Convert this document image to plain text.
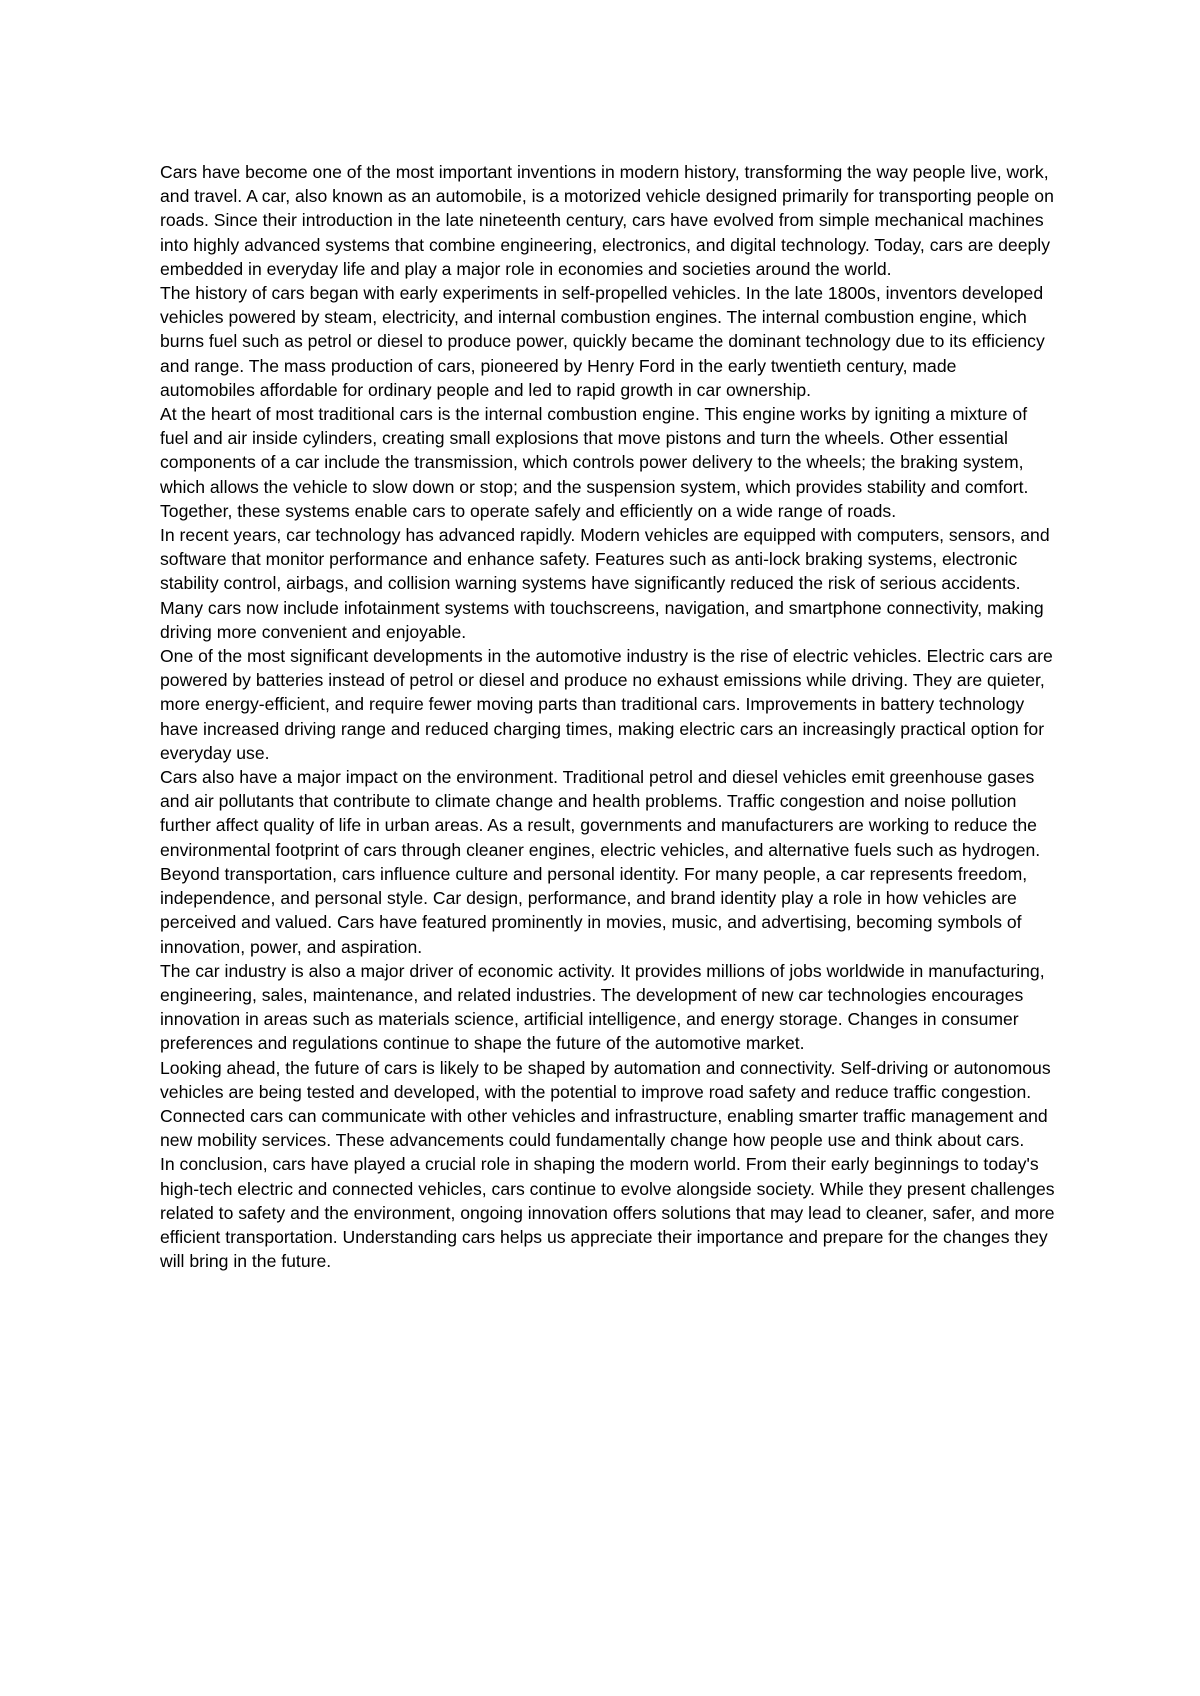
Cars have become one of the most important inventions in modern history, transforming the way people live, work, and travel. A car, also known as an automobile, is a motorized vehicle designed primarily for transporting people on roads. Since their introduction in the late nineteenth century, cars have evolved from simple mechanical machines into highly advanced systems that combine engineering, electronics, and digital technology. Today, cars are deeply embedded in everyday life and play a major role in economies and societies around the world.

The history of cars began with early experiments in self-propelled vehicles. In the late 1800s, inventors developed vehicles powered by steam, electricity, and internal combustion engines. The internal combustion engine, which burns fuel such as petrol or diesel to produce power, quickly became the dominant technology due to its efficiency and range. The mass production of cars, pioneered by Henry Ford in the early twentieth century, made automobiles affordable for ordinary people and led to rapid growth in car ownership.

At the heart of most traditional cars is the internal combustion engine. This engine works by igniting a mixture of fuel and air inside cylinders, creating small explosions that move pistons and turn the wheels. Other essential components of a car include the transmission, which controls power delivery to the wheels; the braking system, which allows the vehicle to slow down or stop; and the suspension system, which provides stability and comfort. Together, these systems enable cars to operate safely and efficiently on a wide range of roads.

In recent years, car technology has advanced rapidly. Modern vehicles are equipped with computers, sensors, and software that monitor performance and enhance safety. Features such as anti-lock braking systems, electronic stability control, airbags, and collision warning systems have significantly reduced the risk of serious accidents. Many cars now include infotainment systems with touchscreens, navigation, and smartphone connectivity, making driving more convenient and enjoyable.

One of the most significant developments in the automotive industry is the rise of electric vehicles. Electric cars are powered by batteries instead of petrol or diesel and produce no exhaust emissions while driving. They are quieter, more energy-efficient, and require fewer moving parts than traditional cars. Improvements in battery technology have increased driving range and reduced charging times, making electric cars an increasingly practical option for everyday use.

Cars also have a major impact on the environment. Traditional petrol and diesel vehicles emit greenhouse gases and air pollutants that contribute to climate change and health problems. Traffic congestion and noise pollution further affect quality of life in urban areas. As a result, governments and manufacturers are working to reduce the environmental footprint of cars through cleaner engines, electric vehicles, and alternative fuels such as hydrogen.

Beyond transportation, cars influence culture and personal identity. For many people, a car represents freedom, independence, and personal style. Car design, performance, and brand identity play a role in how vehicles are perceived and valued. Cars have featured prominently in movies, music, and advertising, becoming symbols of innovation, power, and aspiration.

The car industry is also a major driver of economic activity. It provides millions of jobs worldwide in manufacturing, engineering, sales, maintenance, and related industries. The development of new car technologies encourages innovation in areas such as materials science, artificial intelligence, and energy storage. Changes in consumer preferences and regulations continue to shape the future of the automotive market.

Looking ahead, the future of cars is likely to be shaped by automation and connectivity. Self-driving or autonomous vehicles are being tested and developed, with the potential to improve road safety and reduce traffic congestion. Connected cars can communicate with other vehicles and infrastructure, enabling smarter traffic management and new mobility services. These advancements could fundamentally change how people use and think about cars.

In conclusion, cars have played a crucial role in shaping the modern world. From their early beginnings to today's high-tech electric and connected vehicles, cars continue to evolve alongside society. While they present challenges related to safety and the environment, ongoing innovation offers solutions that may lead to cleaner, safer, and more efficient transportation. Understanding cars helps us appreciate their importance and prepare for the changes they will bring in the future.
